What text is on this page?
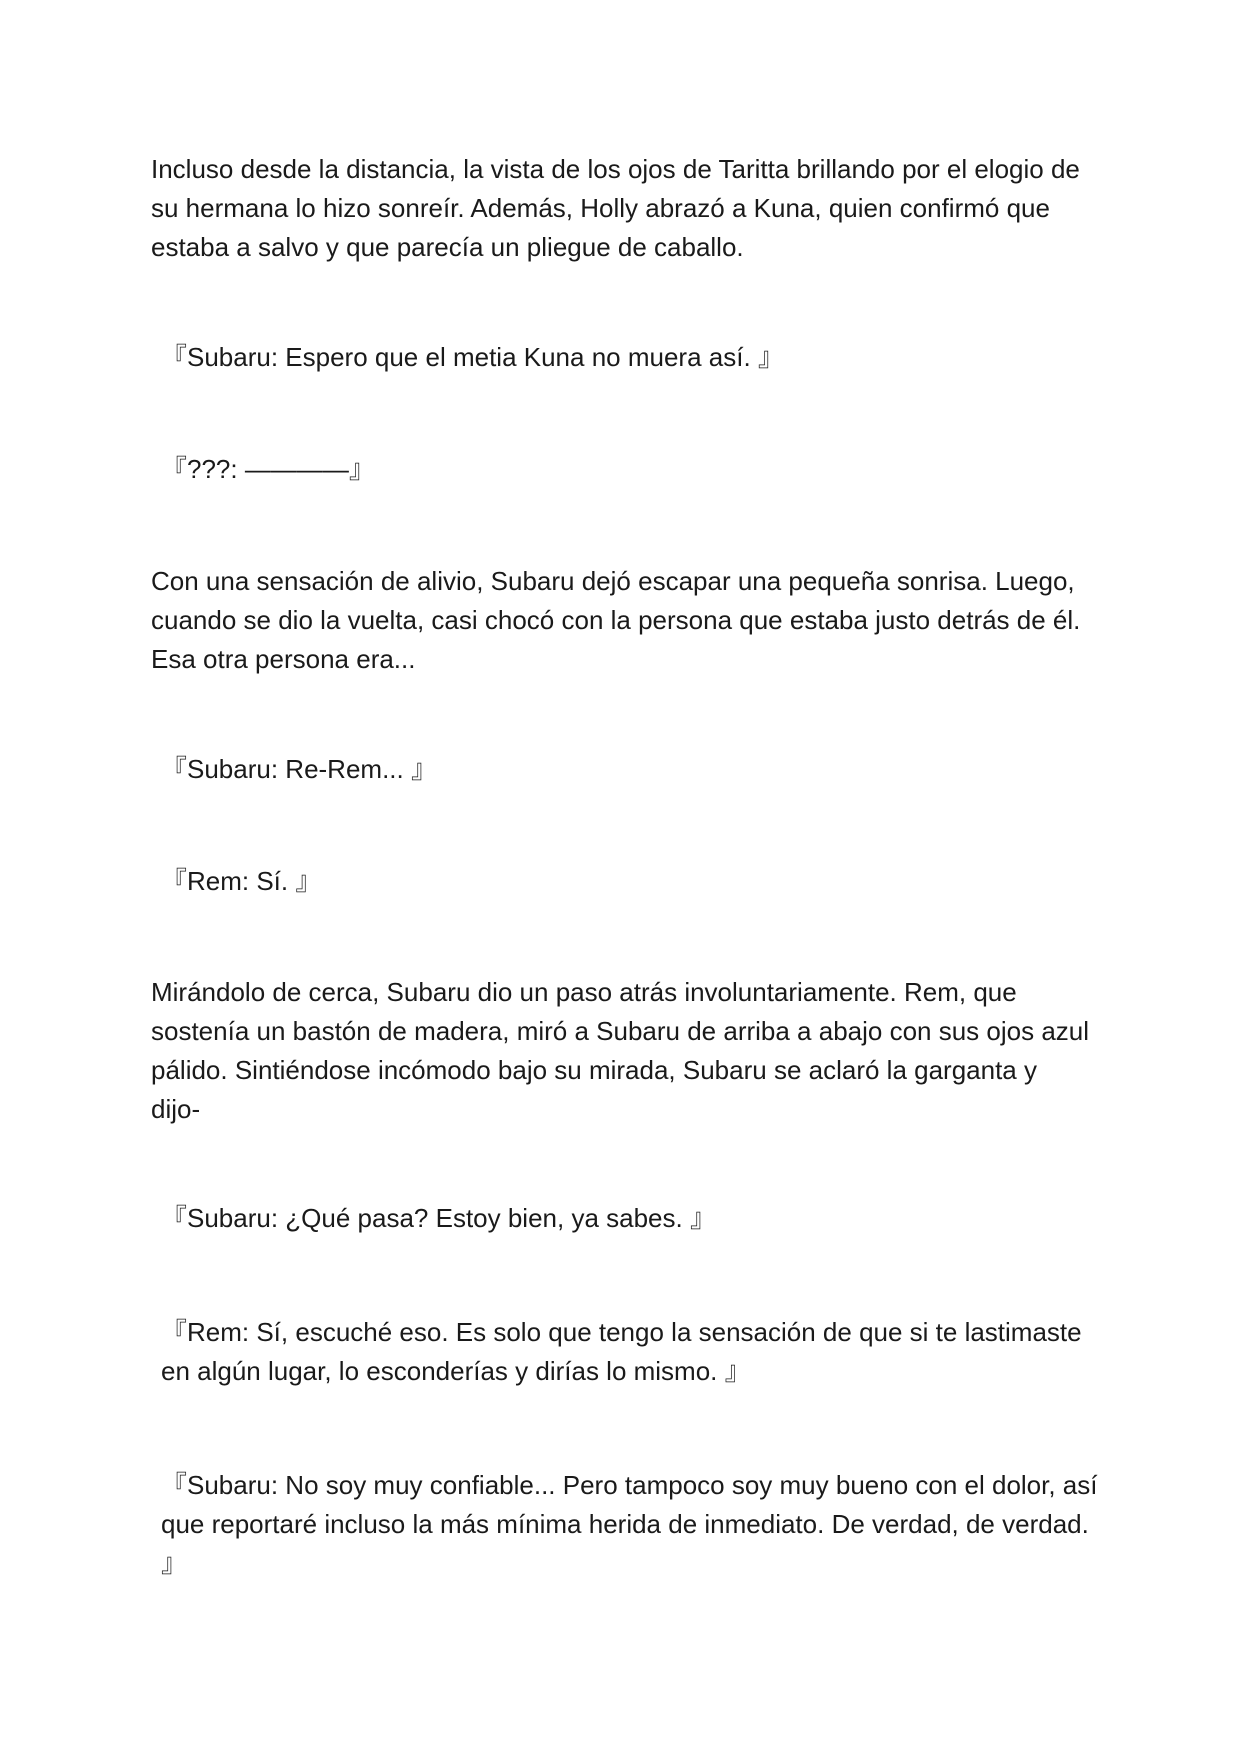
Incluso desde la distancia, la vista de los ojos de Taritta brillando por el elogio de su hermana lo hizo sonreír. Además, Holly abrazó a Kuna, quien confirmó que estaba a salvo y que parecía un pliegue de caballo.

『Subaru: Espero que el metia Kuna no muera así. 』

『???: ————』

Con una sensación de alivio, Subaru dejó escapar una pequeña sonrisa. Luego, cuando se dio la vuelta, casi chocó con la persona que estaba justo detrás de él. Esa otra persona era...

『Subaru: Re-Rem... 』

『Rem: Sí. 』

Mirándolo de cerca, Subaru dio un paso atrás involuntariamente. Rem, que sostenía un bastón de madera, miró a Subaru de arriba a abajo con sus ojos azul pálido. Sintiéndose incómodo bajo su mirada, Subaru se aclaró la garganta y dijo-

『Subaru: ¿Qué pasa? Estoy bien, ya sabes. 』

『Rem: Sí, escuché eso. Es solo que tengo la sensación de que si te lastimaste en algún lugar, lo esconderías y dirías lo mismo. 』

『Subaru: No soy muy confiable... Pero tampoco soy muy bueno con el dolor, así que reportaré incluso la más mínima herida de inmediato. De verdad, de verdad. 』
